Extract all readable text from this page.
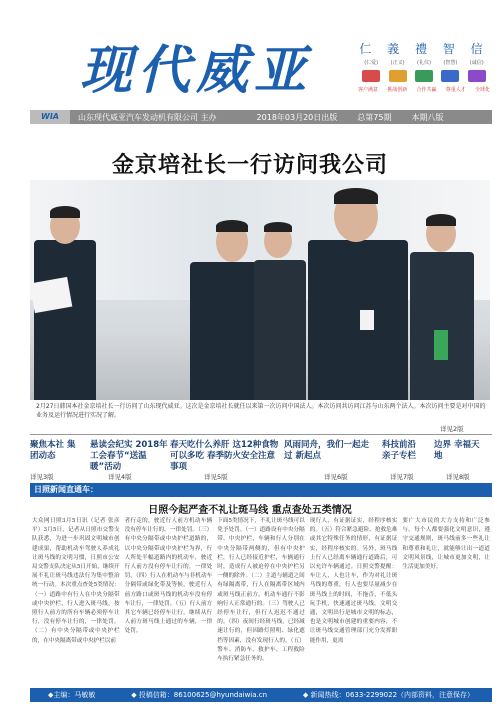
现代威亚	仁 義 禮 智 信
(仁爱) (正义) (礼仪) (智慧) (诚信)
客户满意 挑战创新 合作共赢 尊重人才 全球化
WIA	山东现代威亚汽车发动机有限公司 主办	2018年03月20日出版	总第75期	本期八版
金京培社长一行访问我公司
2月27日韩国本社金京培社长一行访问了山东现代威亚。这次是金京培社长就任以来第一次访问中国法人。本次访问共访问江苏与山东两个法人。本次访问主要是对中国的业务及运行情况进行实况了解。
详见2版
聚焦本社 集团动态
详见3版
悬读会纪实 2018年工会春节“送温暖”活动
详见4版
春天吃什么养肝 这12种食物可以多吃 春季防火安全注意事项
详见5版
风雨同舟，我们一起走过 新起点
详见6版
科技前沿 亲子专栏
详见7版
边界 幸福天地
详见8版
日照新闻直通车：
日照今起严查不礼让斑马线 重点查处五类情况
大众网日照3月5日讯（记者 张彦平）3月5日，记者从日照市交警支队获悉，为进一步巩固文明城市创建成果，帮助机动车驾驶人养成礼让斑马线的文明习惯，日照市公安局交警支队决定从5日开始，继续开展不礼让斑马线违法行为集中整治统一行动。本次重点查处5类情况：（一）道路中有行人在中央分隔带或中央护栏，行人进入斑马线，按照行人前方的所有车辆必须停车让行，没有停车让行的，一律处罚。（二）有中央分隔带或中央护栏的，在中央隔离带或中央护栏以前
者行走的，驶近行人前方机动车辆没有停车让行的，一律处罚。（三）有中央分隔带或中央护栏道路的，以中央分隔带或中央护栏为界，行人所处半幅道路内的机动车，驶近行人前方没有停车让行的，一律处罚。（四）行人在机动车与非机动车分隔带或绿化带及等候，驶近行人前方路口或斑马线的机动车没有停车让行，一律处罚。（五）行人前方其它车辆已经停车让行，继续从行人前方斑马线上通过的车辆，一律处罚。
下面5类情况下，不礼让斑马线可以免予处罚。（一）道路设有中央分隔带、中央护栏，车辆和行人分别在中央分隔带两侧的，但有中央护栏，行人已经接近护栏，车辆通行时，造成行人被迫停在中央护栏另一侧的除外。（二）主道与辅道之间有绿隔离带，行人在隔离带区域内或斑马线正前方，机动车通行不影响行人正常通行的。（三）驾驶人已经停车让行，但行人迟迟不通过的。（四）夜间行经斑马线，已经减速让行的，但因路灯照明、绿化遮挡等因素，没有发现行人的。（五）警车、消防车、救护车、工程救险车执行紧急任务的。
现行人，有证据证实，经程序核实的。（五）符合紧急避险、抢救危难或其它特殊任务的情形，有证据证实，经程序核实的。另外，斑马线上行人已经离车辆通行道路后，可以允许车辆通过。日照交警提醒：车让人，人也让车，作为对礼让斑马线的尊重，行人也要尽量减少在斑马线上的时间，不拖沓，不低头玩手机，快速通过斑马线。文明交通，文明出行是城市文明的标志，也是文明城市创建的重要内容，不让斑马线交通管理部门充分发挥职能作用，更需
要广大市民的大力支持和广泛参与。每个人都要强化文明意识，遵守交通规则，斑马线前多一些礼让和尊重和礼让，就能够让出一道道文明风景线，让城市更加文明，让生活更加美好。
◆主编：马敏敏	◆ 投稿信箱：86100625@hyundaiwia.cn	◆ 新闻热线：0633-2299022（内部资料，注意保存）
